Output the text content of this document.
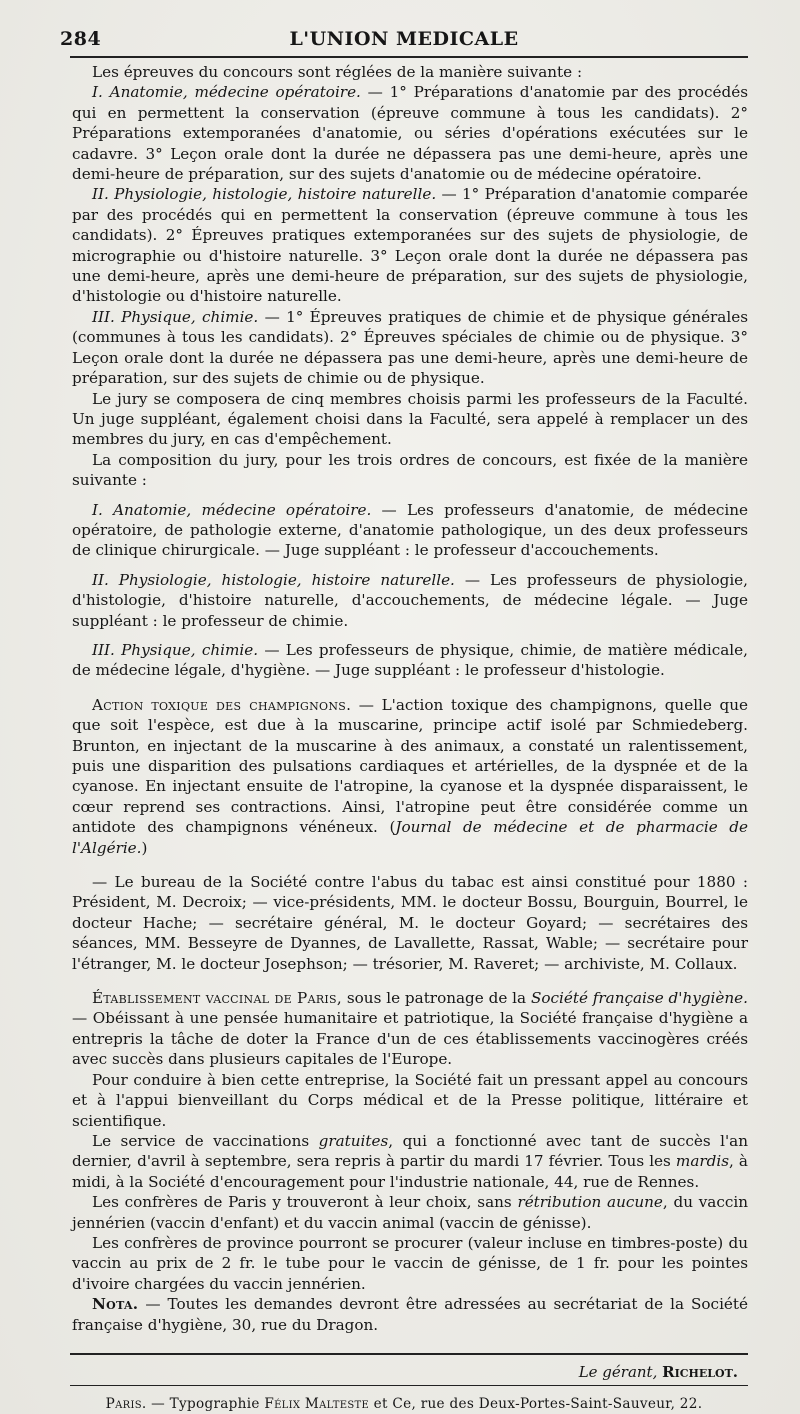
284	L'UNION MEDICALE

Les épreuves du concours sont réglées de la manière suivante :

I. Anatomie, médecine opératoire. — 1° Préparations d'anatomie par des procédés qui en permettent la conservation (épreuve commune à tous les candidats). 2° Préparations extemporanées d'anatomie, ou séries d'opérations exécutées sur le cadavre. 3° Leçon orale dont la durée ne dépassera pas une demi-heure, après une demi-heure de préparation, sur des sujets d'anatomie ou de médecine opératoire.

II. Physiologie, histologie, histoire naturelle. — 1° Préparation d'anatomie comparée par des procédés qui en permettent la conservation (épreuve commune à tous les candidats). 2° Épreuves pratiques extemporanées sur des sujets de physiologie, de micrographie ou d'histoire naturelle. 3° Leçon orale dont la durée ne dépassera pas une demi-heure, après une demi-heure de préparation, sur des sujets de physiologie, d'histologie ou d'histoire naturelle.

III. Physique, chimie. — 1° Épreuves pratiques de chimie et de physique générales (communes à tous les candidats). 2° Épreuves spéciales de chimie ou de physique. 3° Leçon orale dont la durée ne dépassera pas une demi-heure, après une demi-heure de préparation, sur des sujets de chimie ou de physique.

Le jury se composera de cinq membres choisis parmi les professeurs de la Faculté. Un juge suppléant, également choisi dans la Faculté, sera appelé à remplacer un des membres du jury, en cas d'empêchement.

La composition du jury, pour les trois ordres de concours, est fixée de la manière suivante :

I. Anatomie, médecine opératoire. — Les professeurs d'anatomie, de médecine opératoire, de pathologie externe, d'anatomie pathologique, un des deux professeurs de clinique chirurgicale. — Juge suppléant : le professeur d'accouchements.

II. Physiologie, histologie, histoire naturelle. — Les professeurs de physiologie, d'histologie, d'histoire naturelle, d'accouchements, de médecine légale. — Juge suppléant : le professeur de chimie.

III. Physique, chimie. — Les professeurs de physique, chimie, de matière médicale, de médecine légale, d'hygiène. — Juge suppléant : le professeur d'histologie.

Action toxique des champignons. — L'action toxique des champignons, quelle que que soit l'espèce, est due à la muscarine, principe actif isolé par Schmiedeberg. Brunton, en injectant de la muscarine à des animaux, a constaté un ralentissement, puis une disparition des pulsations cardiaques et artérielles, de la dyspnée et de la cyanose. En injectant ensuite de l'atropine, la cyanose et la dyspnée disparaissent, le cœur reprend ses contractions. Ainsi, l'atropine peut être considérée comme un antidote des champignons vénéneux. (Journal de médecine et de pharmacie de l'Algérie.)

— Le bureau de la Société contre l'abus du tabac est ainsi constitué pour 1880 : Président, M. Decroix; — vice-présidents, MM. le docteur Bossu, Bourguin, Bourrel, le docteur Hache; — secrétaire général, M. le docteur Goyard; — secrétaires des séances, MM. Besseyre de Dyannes, de Lavallette, Rassat, Wable; — secrétaire pour l'étranger, M. le docteur Josephson; — trésorier, M. Raveret; — archiviste, M. Collaux.

Établissement vaccinal de Paris, sous le patronage de la Société française d'hygiène. — Obéissant à une pensée humanitaire et patriotique, la Société française d'hygiène a entrepris la tâche de doter la France d'un de ces établissements vaccinogères créés avec succès dans plusieurs capitales de l'Europe.

Pour conduire à bien cette entreprise, la Société fait un pressant appel au concours et à l'appui bienveillant du Corps médical et de la Presse politique, littéraire et scientifique.

Le service de vaccinations gratuites, qui a fonctionné avec tant de succès l'an dernier, d'avril à septembre, sera repris à partir du mardi 17 février. Tous les mardis, à midi, à la Société d'encouragement pour l'industrie nationale, 44, rue de Rennes.

Les confrères de Paris y trouveront à leur choix, sans rétribution aucune, du vaccin jennérien (vaccin d'enfant) et du vaccin animal (vaccin de génisse).

Les confrères de province pourront se procurer (valeur incluse en timbres-poste) du vaccin au prix de 2 fr. le tube pour le vaccin de génisse, de 1 fr. pour les pointes d'ivoire chargées du vaccin jennérien.

Nota. — Toutes les demandes devront être adressées au secrétariat de la Société française d'hygiène, 30, rue du Dragon.

Le gérant, Richelot.
Paris. — Typographie Félix Malteste et Ce, rue des Deux-Portes-Saint-Sauveur, 22.
